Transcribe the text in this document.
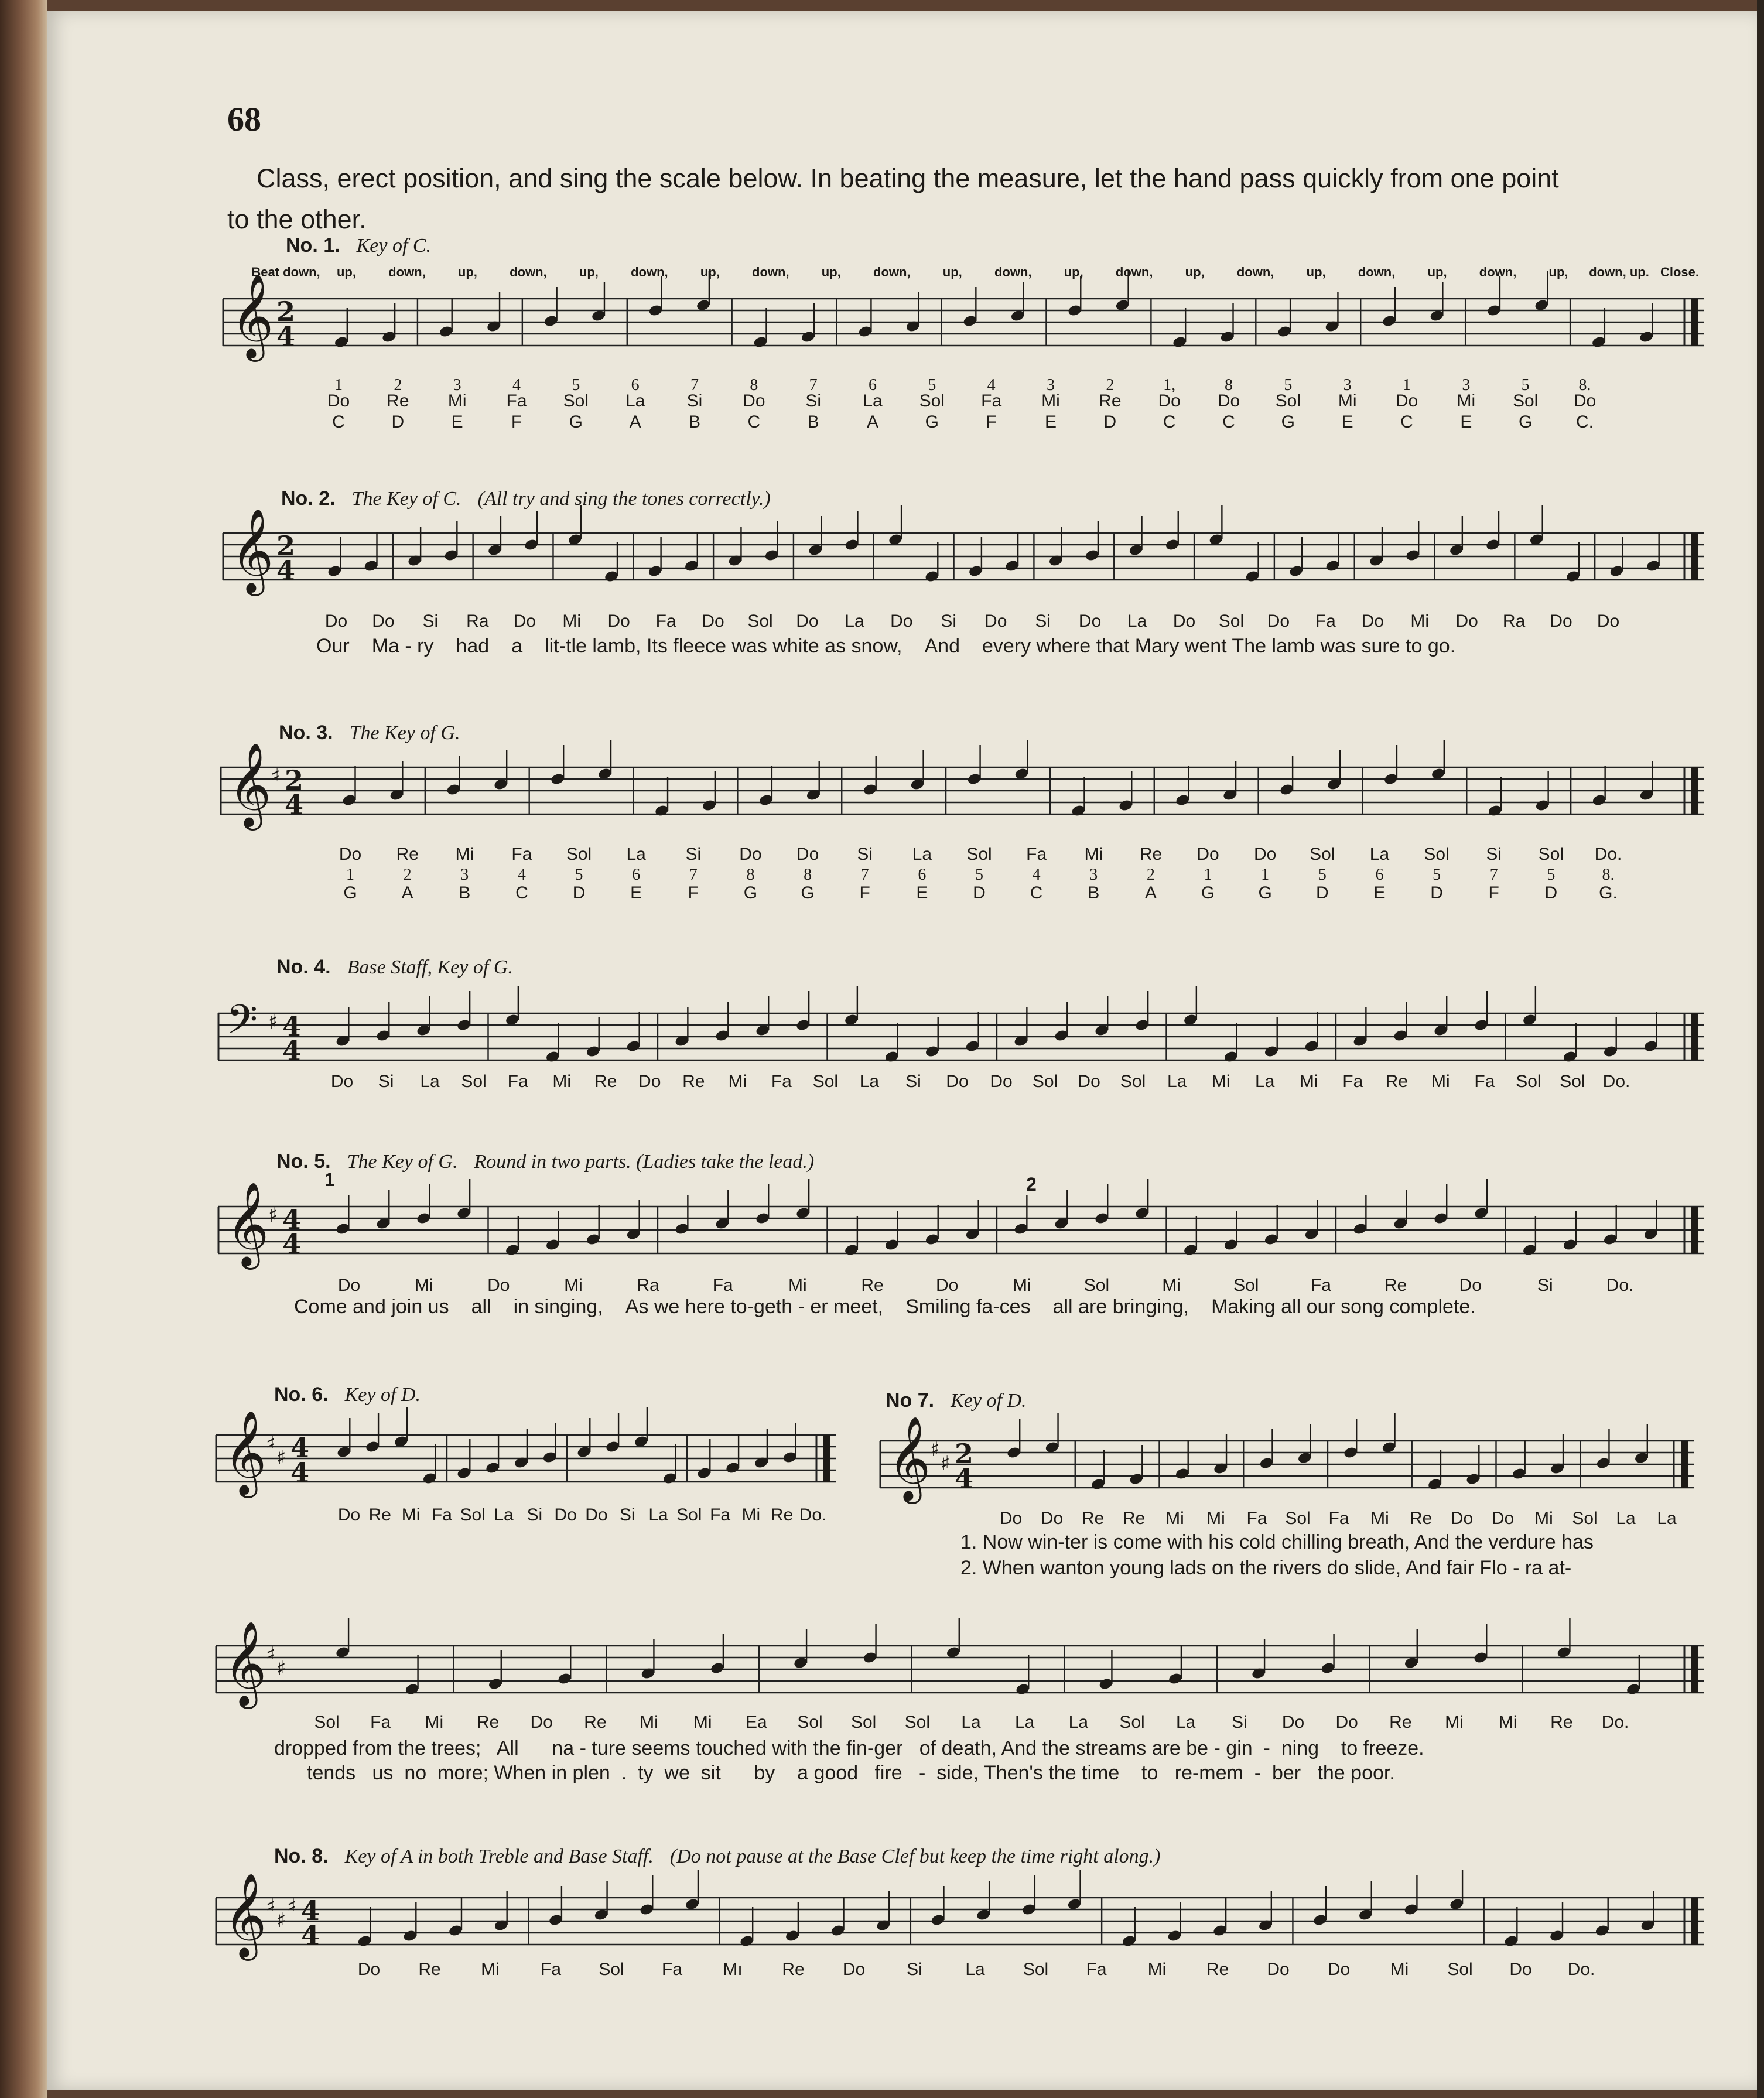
68
Class, erect position, and sing the scale below. In beating the measure, let the hand pass quickly from one point
to the other.
No. 1. Key of C.
No. 2. The Key of C. (All try and sing the tones correctly.)
No. 3. The Key of G.
No. 4. Base Staff, Key of G.
No. 5. The Key of G. Round in two parts. (Ladies take the lead.)
No. 6. Key of D.	No 7. Key of D.
No. 8. Key of A in both Treble and Base Staff. (Do not pause at the Base Clef but keep the time right along.)
1	2
𝄞 2
4
𝄞 2
4
𝄞
♯ 2
4
𝄢 ♯ 4
4
𝄞
♯ 4
4
𝄞
♯
♯ 4
4	𝄞
♯
♯ 2
4
𝄞
♯
♯
𝄞
♯
♯
♯ 4
4
Beat down, up,	down,	up,	down,	up,	down,	up,	down,	up,	down,	up,	down,	up,	down,	up,	down,	up,	down,	up,	down,	up, down, up. Close.
1	2	3	4	5	6	7	8	7	6	5	4	3	2	1,	8	5	3	1	3	5	8.
Do Re Mi Fa Sol La Si Do Si La Sol Fa Mi Re Do Do Sol Mi Do Mi Sol Do
C	D	E	F	G	A	B	C	B	A	G	F	E	D	C	C	G	E	C	E	G C.
Do Do Si Ra Do Mi Do Fa Do Sol Do La Do Si Do Si Do La Do Sol Do Fa Do Mi Do Ra Do Do
Do Re Mi Fa Sol La Si Do Do Si La Sol Fa Mi Re Do Do Sol La Sol Si Sol Do.
1	2	3	4	5	6	7	8	8	7	6	5	4	3	2	1	1	5	6	5	7	5	8.
G	A	B	C	D	E	F	G G	F	E	D	C	B	A	G G	D	E	D	F	D G.
Do Si La Sol Fa Mi Re Do Re Mi Fa Sol La Si Do Do Sol Do Sol La Mi La Mi Fa Re Mi Fa Sol Sol Do.
Do	Mi	Do	Mi	Ra	Fa	Mi	Re	Do	Mi	Sol	Mi	Sol	Fa	Re	Do	Si	Do.
Do Re Mi Fa Sol La Si Do Do Si La Sol Fa Mi Re Do.	Do Do Re Re Mi Mi Fa Sol Fa Mi Re Do Do Mi Sol La La
Sol Fa Mi Re Do Re Mi Mi Ea Sol Sol Sol La La La Sol La Si Do Do Re Mi Mi Re Do.
Do Re Mi Fa Sol Fa Mı Re Do Si La Sol Fa Mi Re Do Do Mi Sol Do Do.
Our Ma - ry had a lit-tle lamb, Its fleece was white as snow, And every where that Mary went The lamb was sure to go.
Come and join us all in singing, As we here to-geth - er meet, Smiling fa-ces all are bringing, Making all our song complete.
1. Now win-ter is come with his cold chilling breath, And the verdure has
2. When wanton young lads on the rivers do slide, And fair Flo - ra at-
dropped from the trees;   All      na - ture seems touched with the fin-ger   of death, And the streams are be - gin  -  ning    to freeze.
tends   us  no  more; When in plen  .  ty  we  sit      by    a good   fire   -  side, Then's the time    to   re-mem  -  ber   the poor.
